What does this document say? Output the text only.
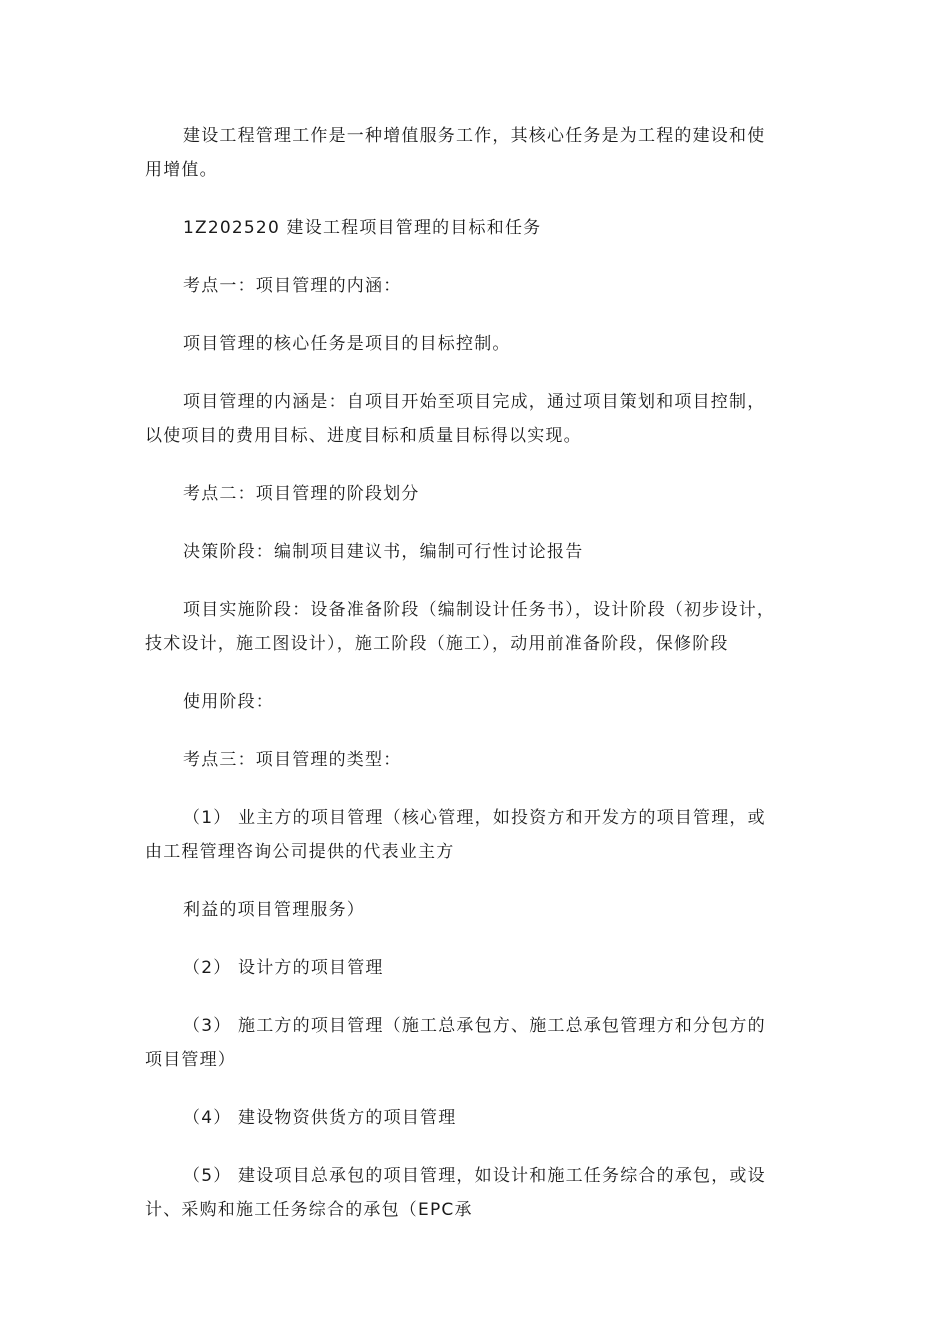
建设工程管理工作是一种增值服务工作，其核心任务是为工程的建设和使
用增值。
1Z202520 建设工程项目管理的目标和任务
考点一：项目管理的内涵：
项目管理的核心任务是项目的目标控制。
项目管理的内涵是：自项目开始至项目完成，通过项目策划和项目控制，
以使项目的费用目标、进度目标和质量目标得以实现。
考点二：项目管理的阶段划分
决策阶段：编制项目建议书，编制可行性讨论报告
项目实施阶段：设备准备阶段（编制设计任务书），设计阶段（初步设计，
技术设计，施工图设计），施工阶段（施工），动用前准备阶段，保修阶段
使用阶段：
考点三：项目管理的类型：
（1） 业主方的项目管理（核心管理，如投资方和开发方的项目管理，或
由工程管理咨询公司提供的代表业主方
利益的项目管理服务）
（2） 设计方的项目管理
（3） 施工方的项目管理（施工总承包方、施工总承包管理方和分包方的
项目管理）
（4） 建设物资供货方的项目管理
（5） 建设项目总承包的项目管理，如设计和施工任务综合的承包，或设
计、采购和施工任务综合的承包（EPC承
